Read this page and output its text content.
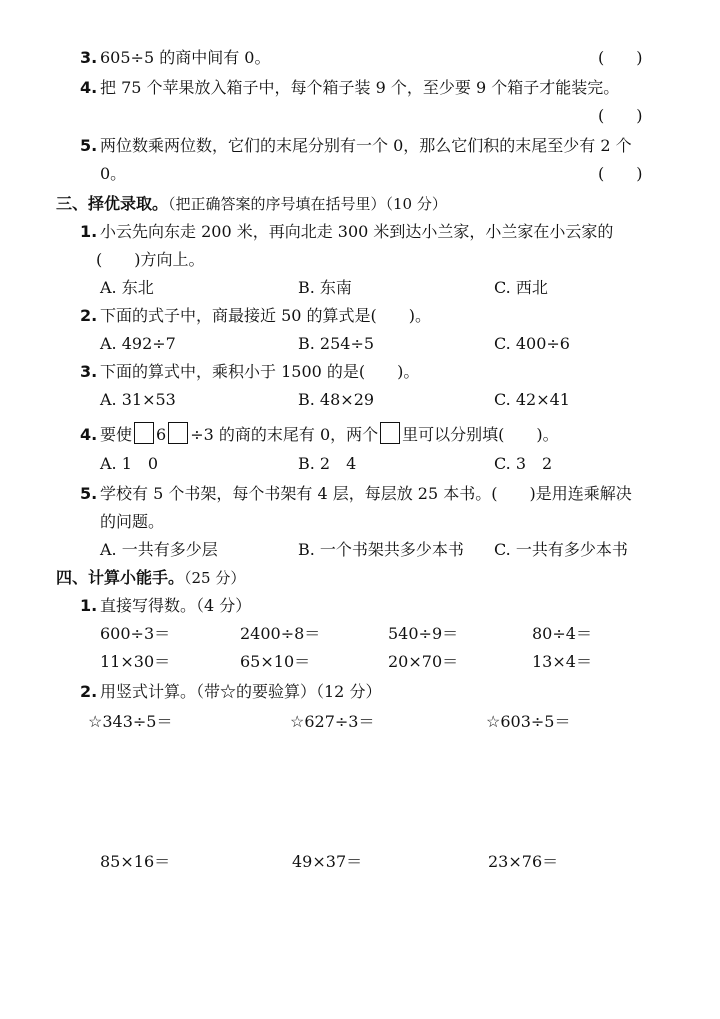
3. 605÷5 的商中间有 0。	(　　)
4. 把 75 个苹果放入箱子中，每个箱子装 9 个，至少要 9 个箱子才能装完。
(　　)
5. 两位数乘两位数，它们的末尾分别有一个 0，那么它们积的末尾至少有 2 个
0。	(　　)
三、择优录取。（把正确答案的序号填在括号里）（10 分）
1. 小云先向东走 200 米，再向北走 300 米到达小兰家，小兰家在小云家的
(　　)方向上。
A. 东北	B. 东南	C. 西北
2. 下面的式子中，商最接近 50 的算式是(　　)。
A. 492÷7	B. 254÷5	C. 400÷6
3. 下面的算式中，乘积小于 1500 的是(　　)。
A. 31×53	B. 48×29	C. 42×41
4. 要使 6 ÷3 的商的末尾有 0，两个 里可以分别填(　　)。
A. 1　0	B. 2　4	C. 3　2
5. 学校有 5 个书架，每个书架有 4 层，每层放 25 本书。(　　)是用连乘解决
的问题。
A. 一共有多少层	B. 一个书架共多少本书 C. 一共有多少本书
四、计算小能手。（25 分）
1. 直接写得数。（4 分）
600÷3＝	2400÷8＝	540÷9＝	80÷4＝
11×30＝	65×10＝	20×70＝	13×4＝
2. 用竖式计算。（带☆的要验算）（12 分）
☆343÷5＝	☆627÷3＝	☆603÷5＝
85×16＝	49×37＝	23×76＝
